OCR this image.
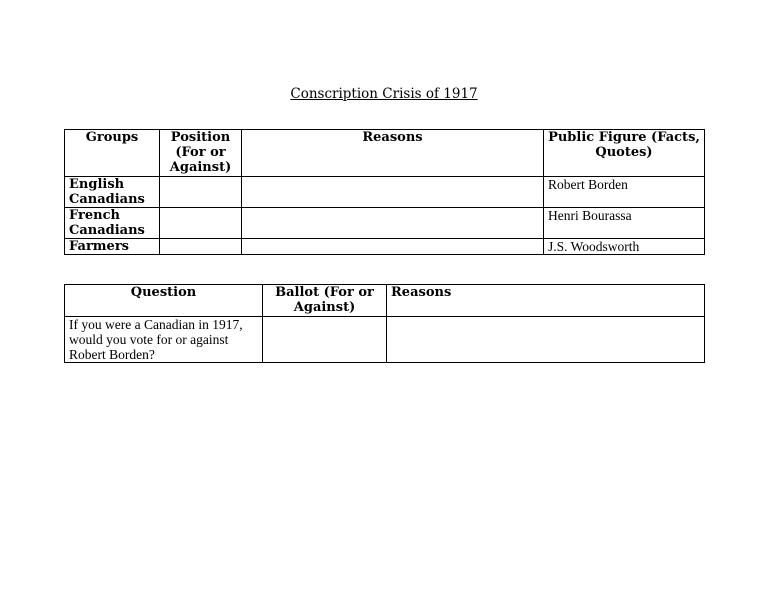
Conscription Crisis of 1917
Groups	Position (For or Against)	Reasons	Public Figure (Facts, Quotes)
English Canadians			Robert Borden
French Canadians			Henri Bourassa
Farmers			J.S. Woodsworth
Question	Ballot (For or Against)	Reasons
If you were a Canadian in 1917, would you vote for or against Robert Borden?		
